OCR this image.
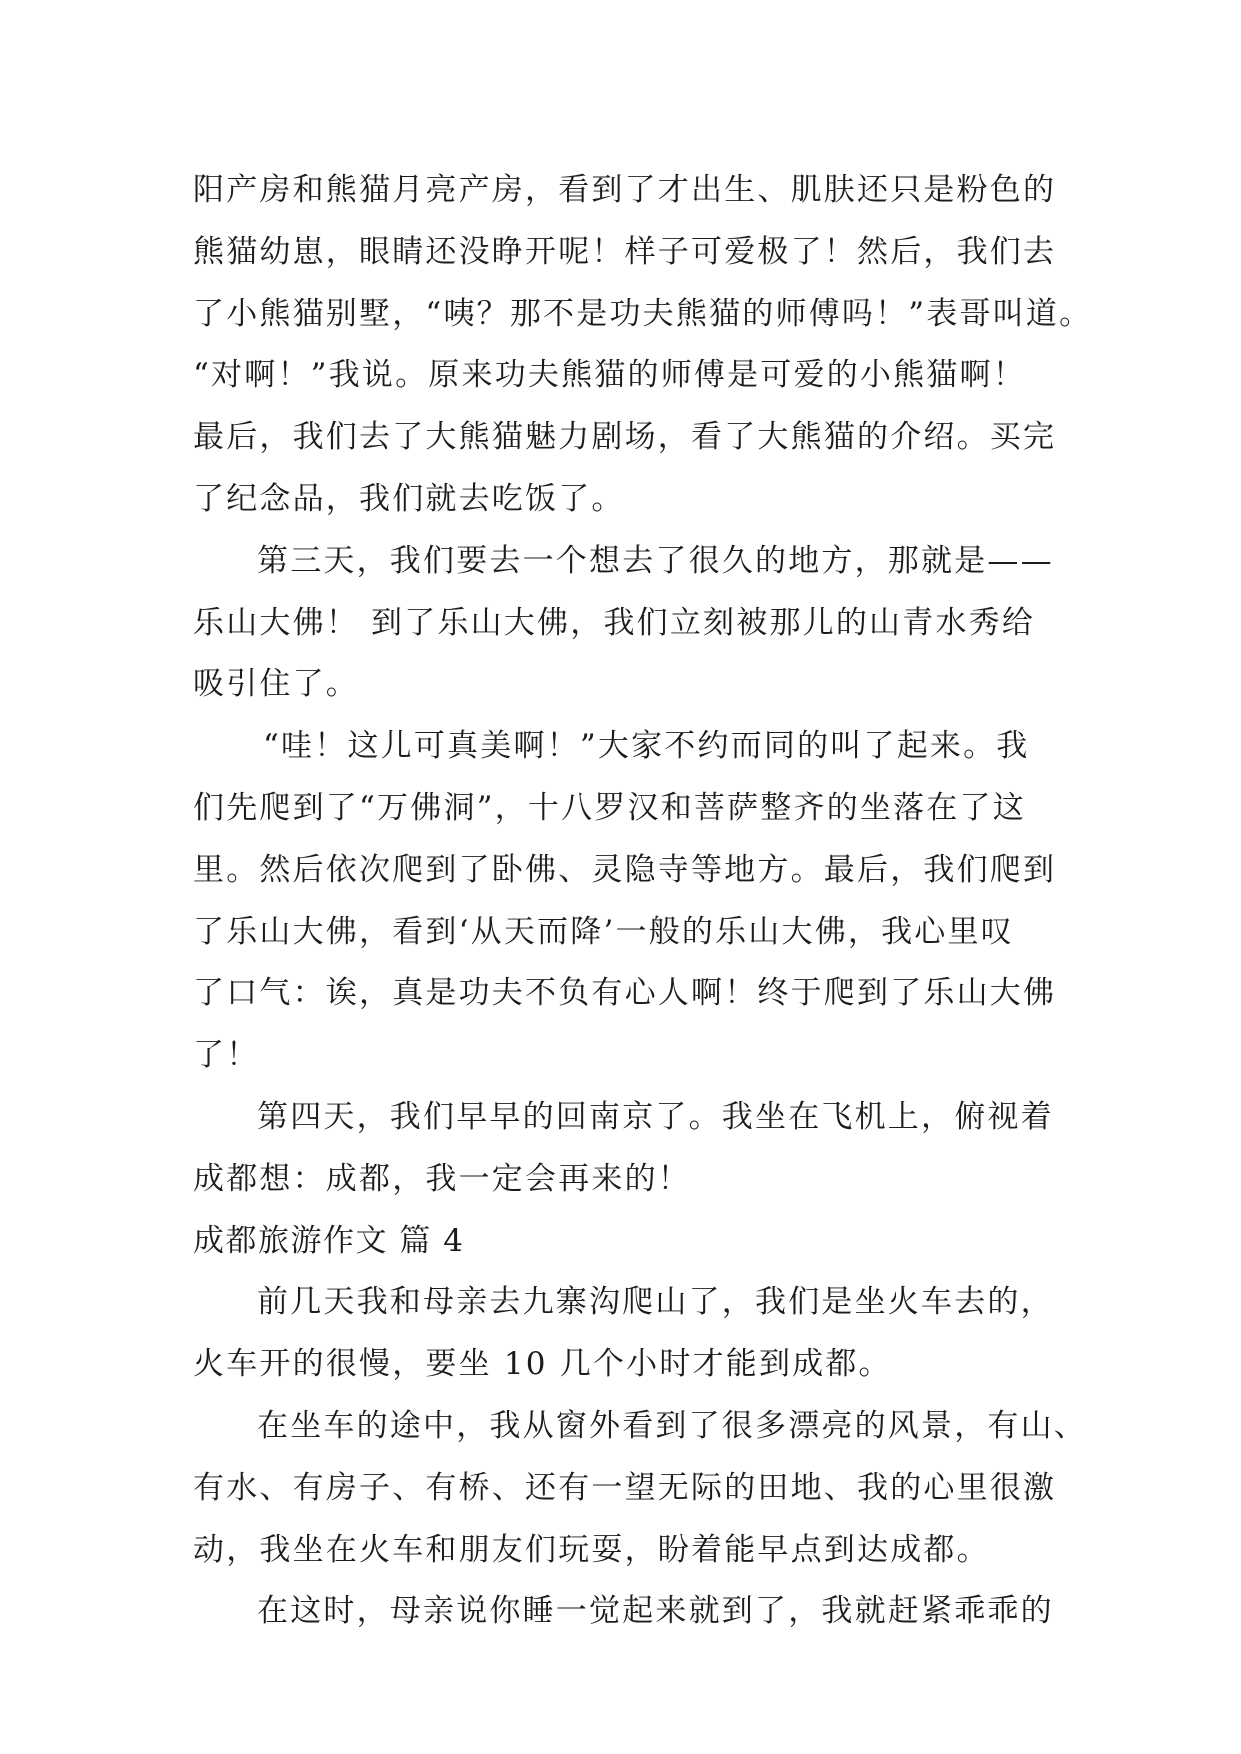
阳产房和熊猫月亮产房，看到了才出生、肌肤还只是粉色的
熊猫幼崽，眼睛还没睁开呢！样子可爱极了！然后，我们去
了小熊猫别墅，“咦？那不是功夫熊猫的师傅吗！”表哥叫道。
“对啊！”我说。原来功夫熊猫的师傅是可爱的小熊猫啊！
最后，我们去了大熊猫魅力剧场，看了大熊猫的介绍。买完
了纪念品，我们就去吃饭了。
第三天，我们要去一个想去了很久的地方，那就是——
乐山大佛！ 到了乐山大佛，我们立刻被那儿的山青水秀给
吸引住了。
“哇！这儿可真美啊！”大家不约而同的叫了起来。我
们先爬到了“万佛洞”，十八罗汉和菩萨整齐的坐落在了这
里。然后依次爬到了卧佛、灵隐寺等地方。最后，我们爬到
了乐山大佛，看到‘从天而降’一般的乐山大佛，我心里叹
了口气：诶，真是功夫不负有心人啊！终于爬到了乐山大佛
了！
第四天，我们早早的回南京了。我坐在飞机上，俯视着
成都想：成都，我一定会再来的！
成都旅游作文 篇 4
前几天我和母亲去九寨沟爬山了，我们是坐火车去的，
火车开的很慢，要坐 10 几个小时才能到成都。
在坐车的途中，我从窗外看到了很多漂亮的风景，有山、
有水、有房子、有桥、还有一望无际的田地、我的心里很激
动，我坐在火车和朋友们玩耍，盼着能早点到达成都。
在这时，母亲说你睡一觉起来就到了，我就赶紧乖乖的
